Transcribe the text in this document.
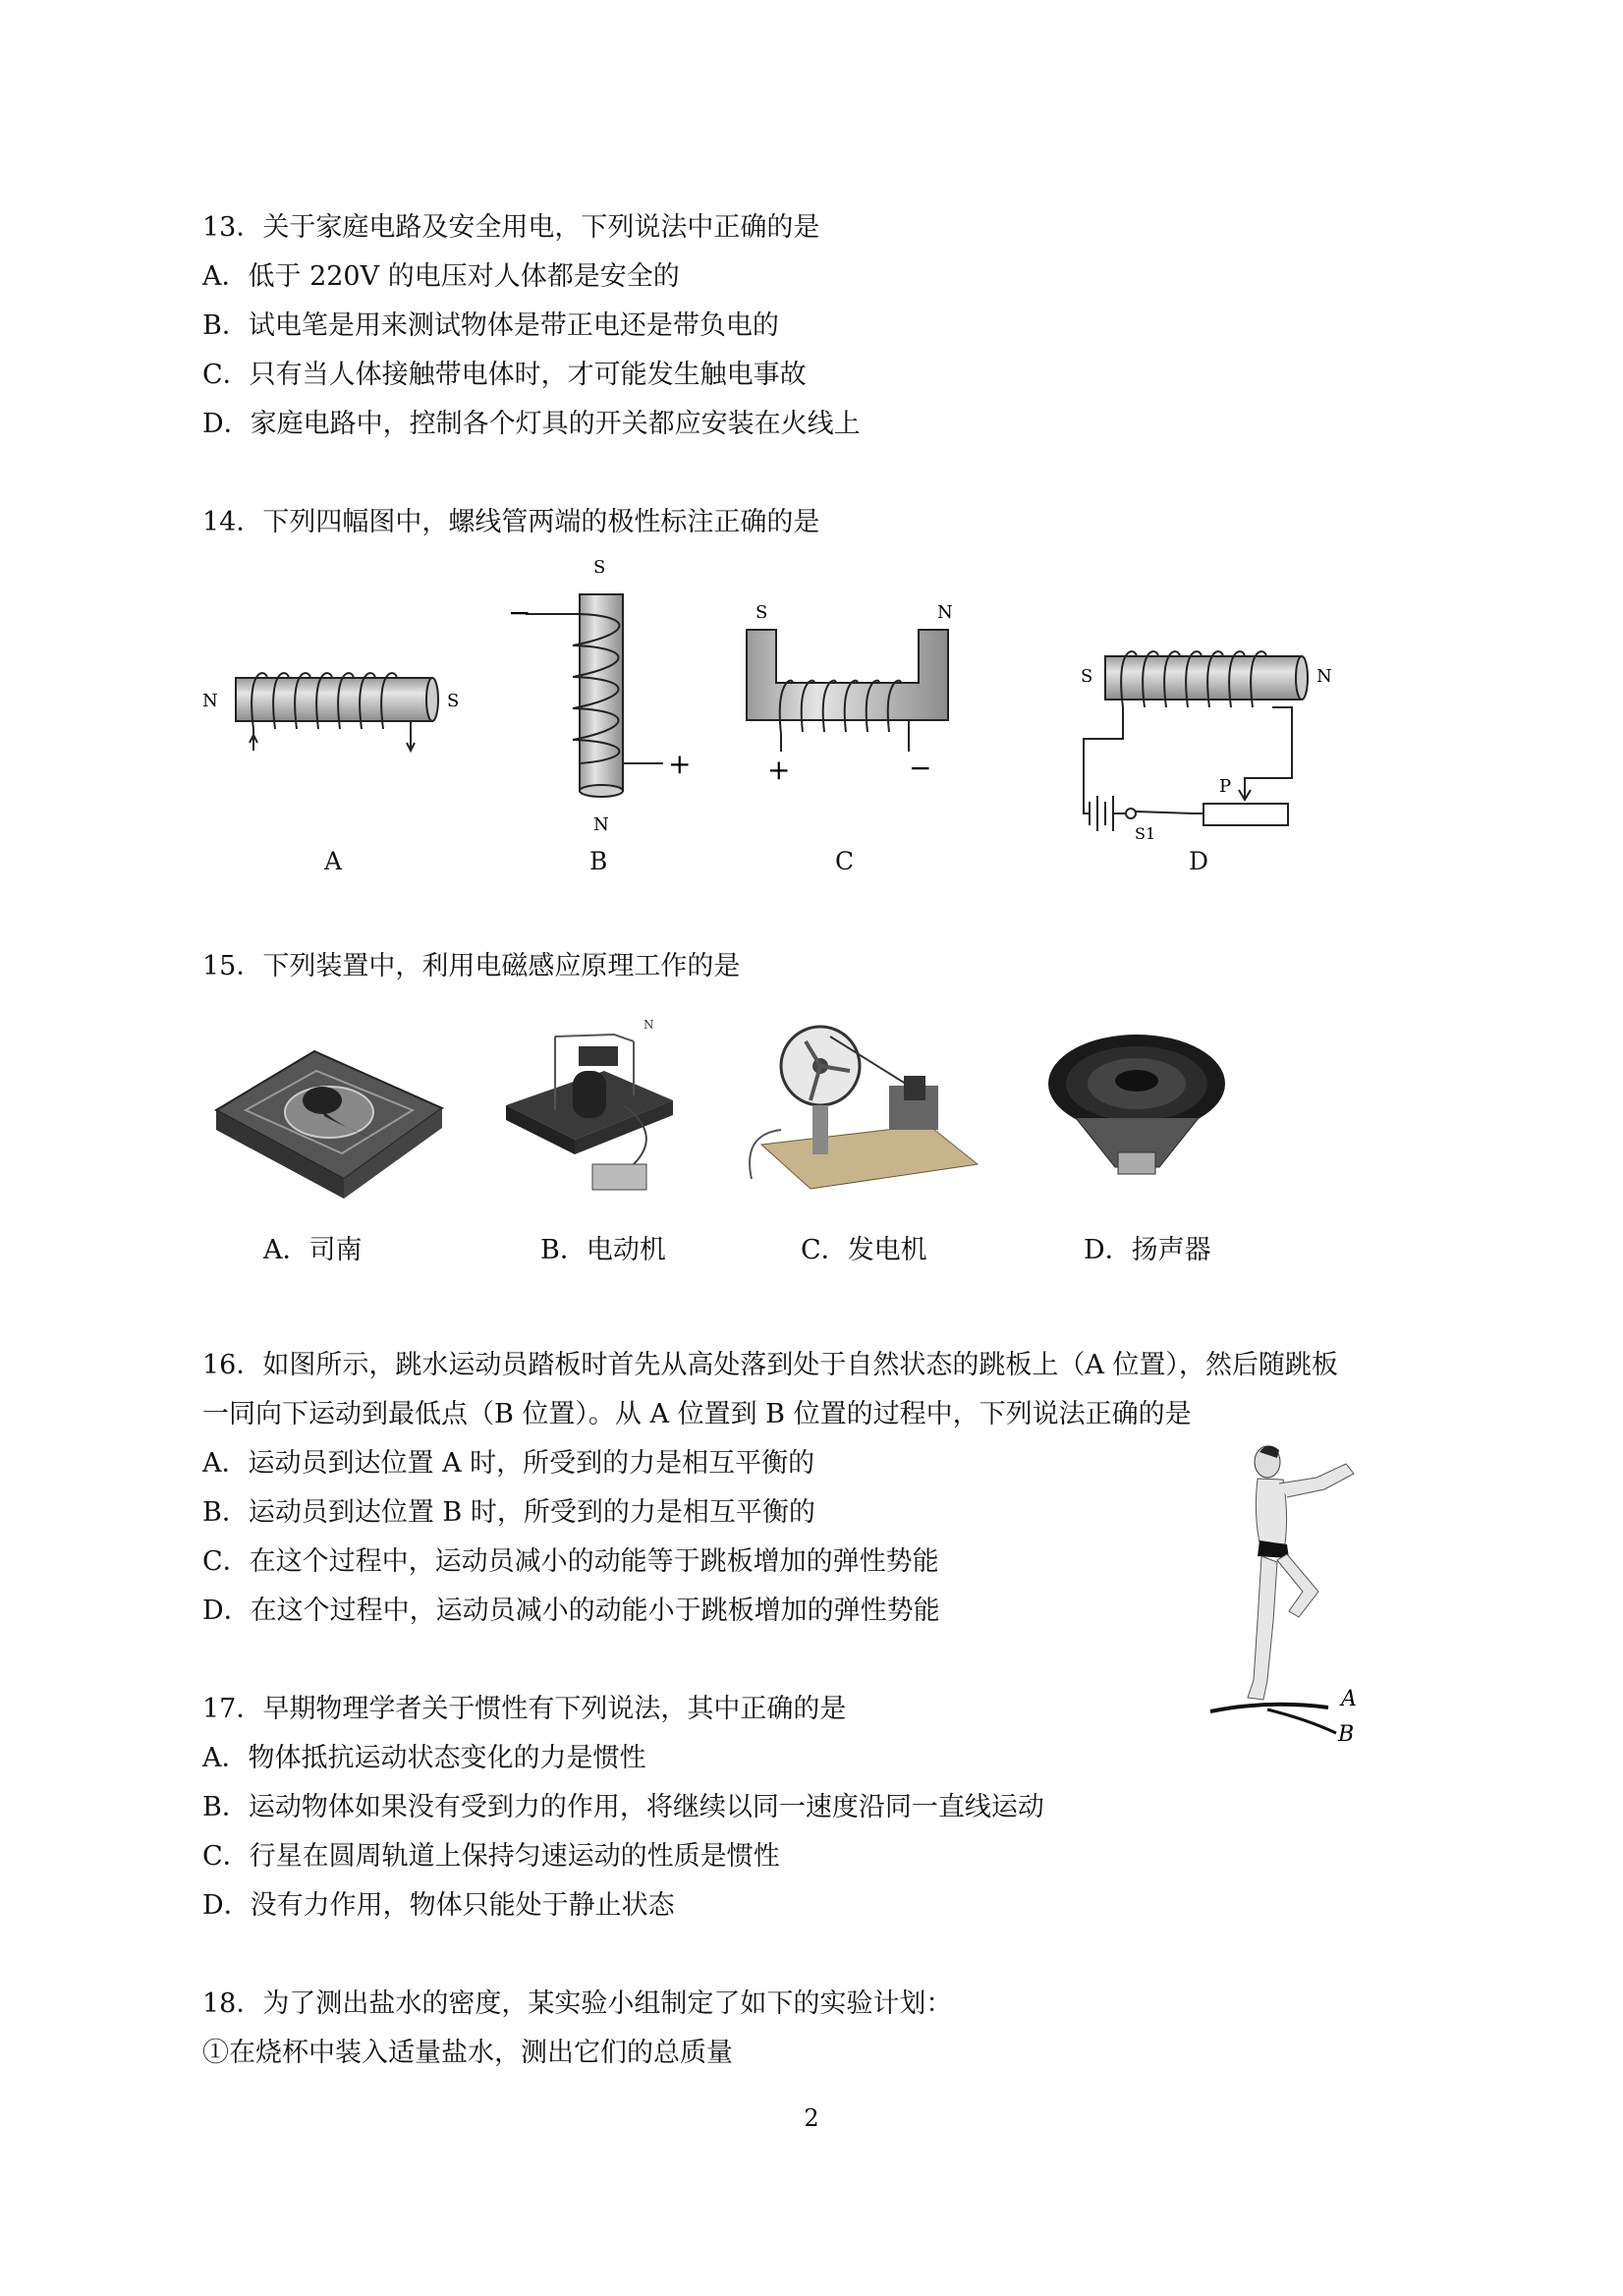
13．关于家庭电路及安全用电，下列说法中正确的是
A．低于 220V 的电压对人体都是安全的
B．试电笔是用来测试物体是带正电还是带负电的
C．只有当人体接触带电体时，才可能发生触电事故
D．家庭电路中，控制各个灯具的开关都应安装在火线上
14．下列四幅图中，螺线管两端的极性标注正确的是
N	S
A
S
N
−
+
B
S	N
+	−
C
S	N
P
S1
D
15．下列装置中，利用电磁感应原理工作的是
N
A．司南	B．电动机	C．发电机	D．扬声器
16．如图所示，跳水运动员踏板时首先从高处落到处于自然状态的跳板上（A 位置），然后随跳板
一同向下运动到最低点（B 位置）。从 A 位置到 B 位置的过程中，下列说法正确的是
A．运动员到达位置 A 时，所受到的力是相互平衡的
B．运动员到达位置 B 时，所受到的力是相互平衡的
C．在这个过程中，运动员减小的动能等于跳板增加的弹性势能
D．在这个过程中，运动员减小的动能小于跳板增加的弹性势能
A
B
17．早期物理学者关于惯性有下列说法，其中正确的是
A．物体抵抗运动状态变化的力是惯性
B．运动物体如果没有受到力的作用，将继续以同一速度沿同一直线运动
C．行星在圆周轨道上保持匀速运动的性质是惯性
D．没有力作用，物体只能处于静止状态
18．为了测出盐水的密度，某实验小组制定了如下的实验计划：
①在烧杯中装入适量盐水，测出它们的总质量
2
